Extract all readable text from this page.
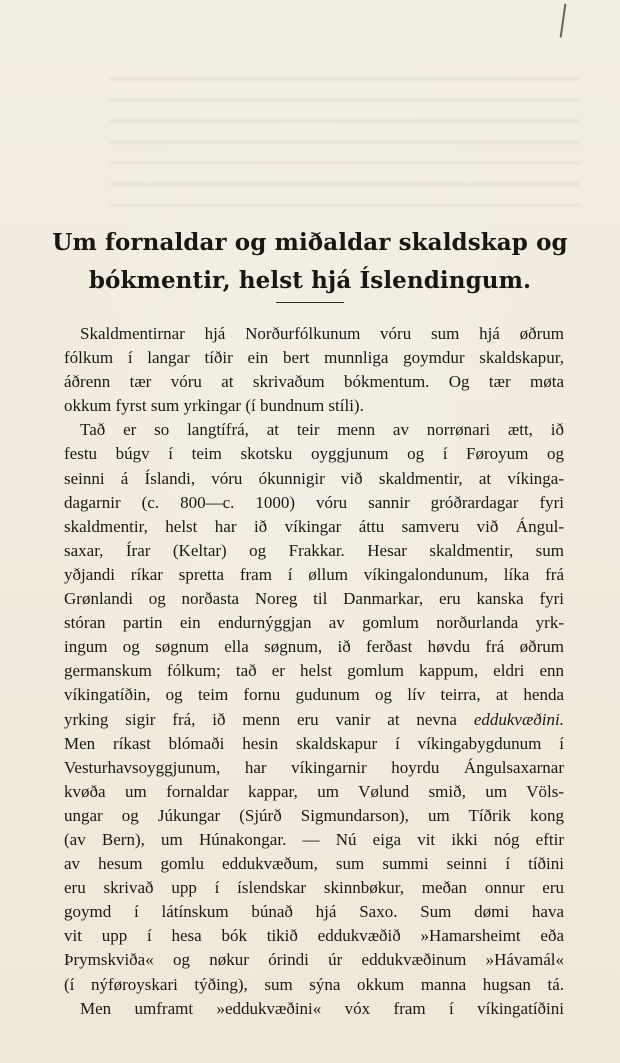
Um fornaldar og miðaldar skaldskap og
bókmentir, helst hjá Íslendingum.
Skaldmentirnar hjá Norðurfólkunum vóru sum hjá øðrum
fólkum í langar tíðir ein bert munnliga goymdur skaldskapur,
áðrenn tær vóru at skrivaðum bókmentum. Og tær møta
okkum fyrst sum yrkingar (í bundnum stíli).
Tað er so langtífrá, at teir menn av norrønari ætt, ið
festu búgv í teim skotsku oyggjunum og í Føroyum og
seinni á Íslandi, vóru ókunnigir við skaldmentir, at víkinga-
dagarnir (c. 800—c. 1000) vóru sannir gróðrardagar fyri
skaldmentir, helst har ið víkingar áttu samveru við Ángul-
saxar, Írar (Keltar) og Frakkar. Hesar skaldmentir, sum
yðjandi ríkar spretta fram í øllum víkingalondunum, líka frá
Grønlandi og norðasta Noreg til Danmarkar, eru kanska fyri
stóran partin ein endurnýggjan av gomlum norðurlanda yrk-
ingum og søgnum ella søgnum, ið ferðast høvdu frá øðrum
germanskum fólkum; tað er helst gomlum kappum, eldri enn
víkingatíðin, og teim fornu gudunum og lív teirra, at henda
yrking sigir frá, ið menn eru vanir at nevna eddukvæðini.
Men ríkast blómaði hesin skaldskapur í víkingabygdunum í
Vesturhavsoyggjunum, har víkingarnir hoyrdu Ángulsaxarnar
kvøða um fornaldar kappar, um Vølund smið, um Völs-
ungar og Júkungar (Sjúrð Sigmundarson), um Tíðrik kong
(av Bern), um Húnakongar. — Nú eiga vit ikki nóg eftir
av hesum gomlu eddukvæðum, sum summi seinni í tíðini
eru skrivað upp í íslendskar skinnbøkur, meðan onnur eru
goymd í látínskum búnað hjá Saxo. Sum dømi hava
vit upp í hesa bók tikið eddukvæðið »Hamarsheimt eða
Þrymskviða« og nøkur órindi úr eddukvæðinum »Hávamál«
(í nýføroyskari týðing), sum sýna okkum manna hugsan tá.
Men umframt »eddukvæðini« vóx fram í víkingatíðini
